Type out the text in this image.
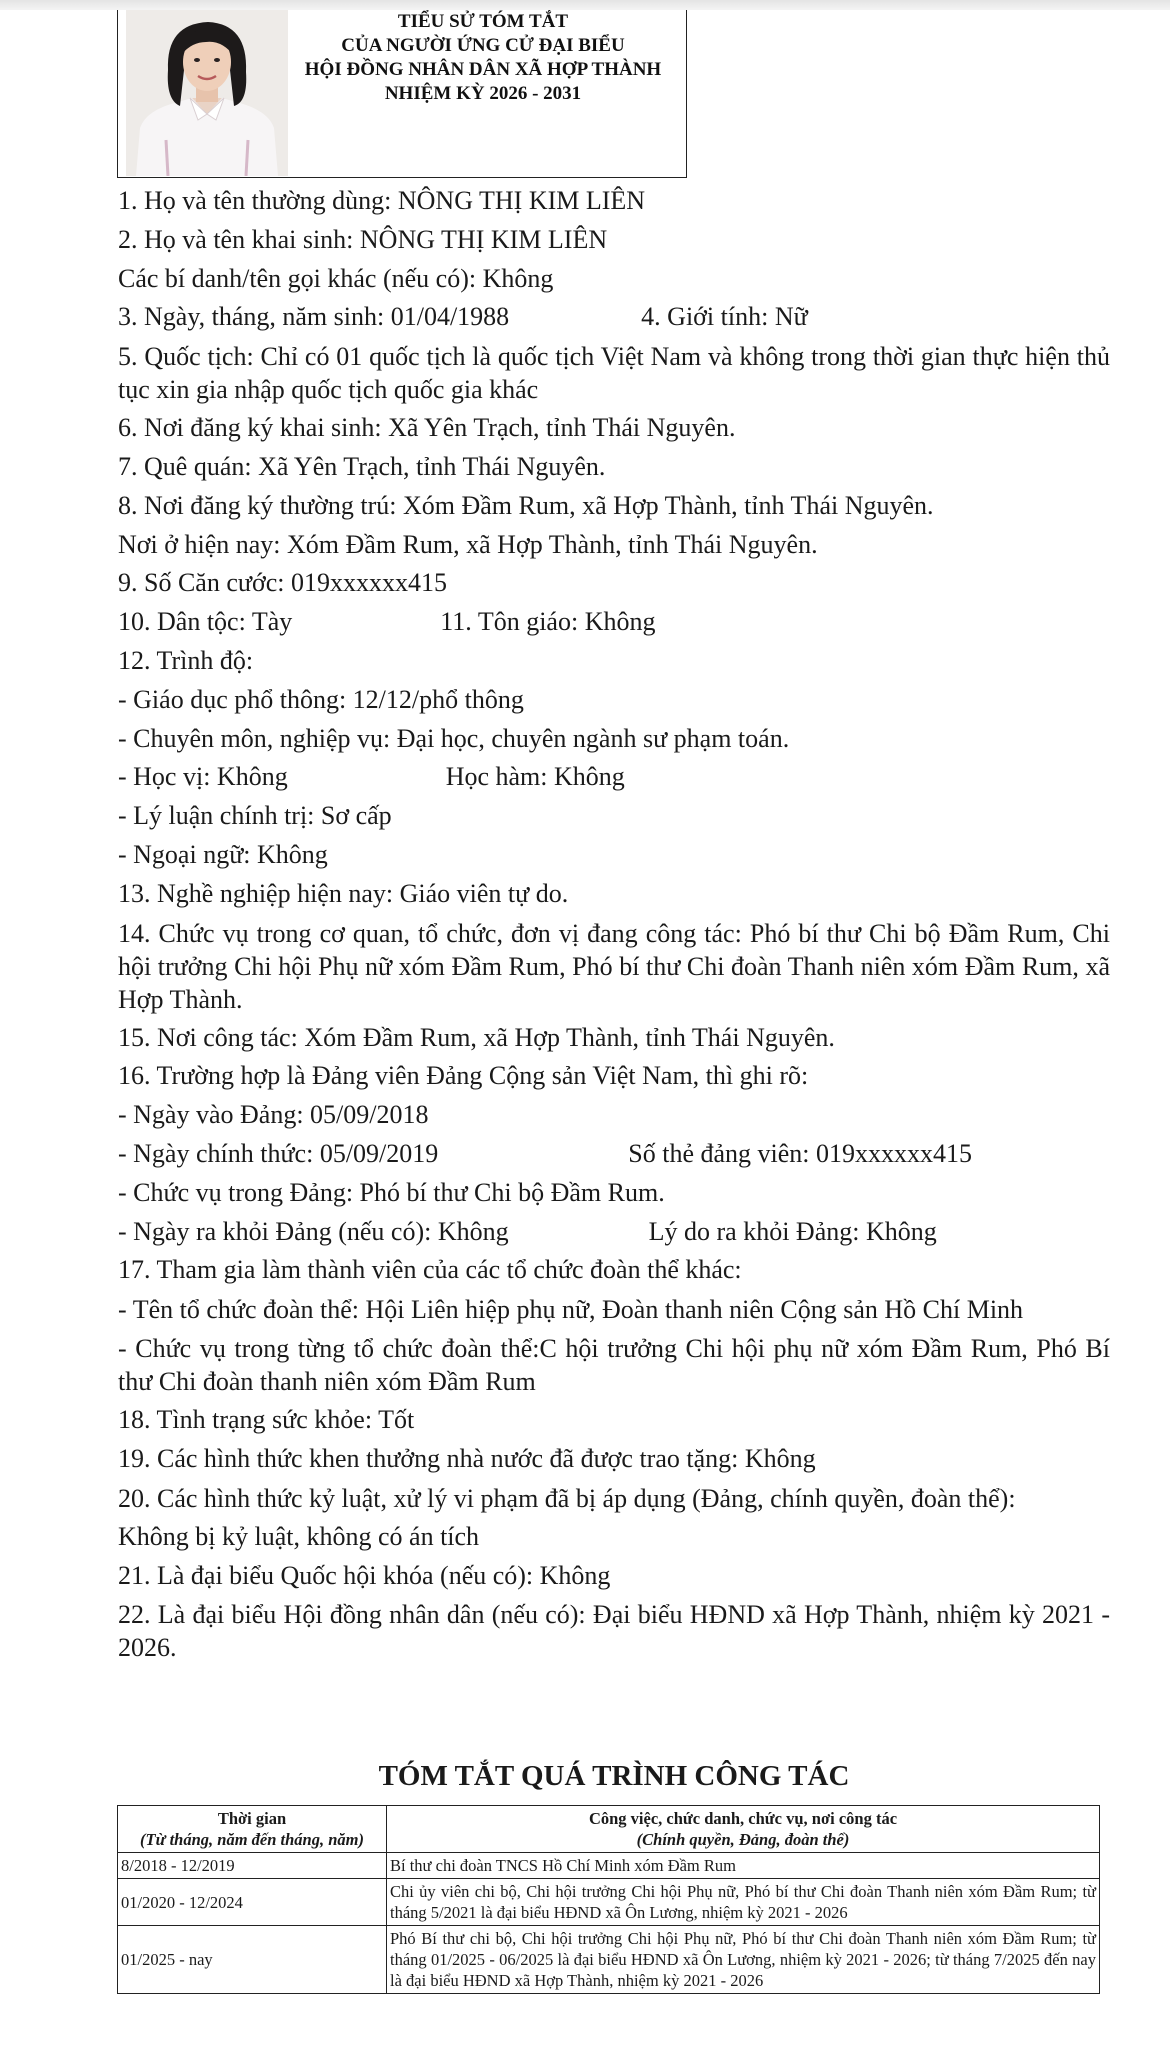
TIỂU SỬ TÓM TẮT
CỦA NGƯỜI ỨNG CỬ ĐẠI BIỂU
HỘI ĐỒNG NHÂN DÂN XÃ HỢP THÀNH
NHIỆM KỲ 2026 - 2031

1. Họ và tên thường dùng: NÔNG THỊ KIM LIÊN

2. Họ và tên khai sinh: NÔNG THỊ KIM LIÊN

Các bí danh/tên gọi khác (nếu có): Không

3. Ngày, tháng, năm sinh: 01/04/1988	4. Giới tính: Nữ

5. Quốc tịch: Chỉ có 01 quốc tịch là quốc tịch Việt Nam và không trong thời gian thực hiện thủ tục xin gia nhập quốc tịch quốc gia khác

6. Nơi đăng ký khai sinh: Xã Yên Trạch, tỉnh Thái Nguyên.

7. Quê quán: Xã Yên Trạch, tỉnh Thái Nguyên.

8. Nơi đăng ký thường trú: Xóm Đầm Rum, xã Hợp Thành, tỉnh Thái Nguyên.

Nơi ở hiện nay: Xóm Đầm Rum, xã Hợp Thành, tỉnh Thái Nguyên.

9. Số Căn cước: 019xxxxxx415

10. Dân tộc: Tày	11. Tôn giáo: Không

12. Trình độ:

- Giáo dục phổ thông: 12/12/phổ thông

- Chuyên môn, nghiệp vụ: Đại học, chuyên ngành sư phạm toán.

- Học vị: Không	Học hàm: Không

- Lý luận chính trị: Sơ cấp

- Ngoại ngữ: Không

13. Nghề nghiệp hiện nay: Giáo viên tự do.

14. Chức vụ trong cơ quan, tổ chức, đơn vị đang công tác: Phó bí thư Chi bộ Đầm Rum, Chi hội trưởng Chi hội Phụ nữ xóm Đầm Rum, Phó bí thư Chi đoàn Thanh niên xóm Đầm Rum, xã Hợp Thành.

15. Nơi công tác: Xóm Đầm Rum, xã Hợp Thành, tỉnh Thái Nguyên.

16. Trường hợp là Đảng viên Đảng Cộng sản Việt Nam, thì ghi rõ:

- Ngày vào Đảng: 05/09/2018

- Ngày chính thức: 05/09/2019	Số thẻ đảng viên: 019xxxxxx415

- Chức vụ trong Đảng: Phó bí thư Chi bộ Đầm Rum.

- Ngày ra khỏi Đảng (nếu có): Không	Lý do ra khỏi Đảng: Không

17. Tham gia làm thành viên của các tổ chức đoàn thể khác:

- Tên tổ chức đoàn thể: Hội Liên hiệp phụ nữ, Đoàn thanh niên Cộng sản Hồ Chí Minh

- Chức vụ trong từng tổ chức đoàn thể:C hội trưởng Chi hội phụ nữ xóm Đầm Rum, Phó Bí thư Chi đoàn thanh niên xóm Đầm Rum

18. Tình trạng sức khỏe: Tốt

19. Các hình thức khen thưởng nhà nước đã được trao tặng: Không

20. Các hình thức kỷ luật, xử lý vi phạm đã bị áp dụng (Đảng, chính quyền, đoàn thể):

Không bị kỷ luật, không có án tích

21. Là đại biểu Quốc hội khóa (nếu có): Không

22. Là đại biểu Hội đồng nhân dân (nếu có): Đại biểu HĐND xã Hợp Thành, nhiệm kỳ 2021 - 2026.

TÓM TẮT QUÁ TRÌNH CÔNG TÁC
Thời gian
(Từ tháng, năm đến tháng, năm)	Công việc, chức danh, chức vụ, nơi công tác
(Chính quyền, Đảng, đoàn thể)

8/2018 - 12/2019	Bí thư chi đoàn TNCS Hồ Chí Minh xóm Đầm Rum
01/2020 - 12/2024	Chi ủy viên chi bộ, Chi hội trưởng Chi hội Phụ nữ, Phó bí thư Chi đoàn Thanh niên xóm Đầm Rum; từ tháng 5/2021 là đại biểu HĐND xã Ôn Lương, nhiệm kỳ 2021 - 2026
01/2025 - nay	Phó Bí thư chi bộ, Chi hội trưởng Chi hội Phụ nữ, Phó bí thư Chi đoàn Thanh niên xóm Đầm Rum; từ tháng 01/2025 - 06/2025 là đại biểu HĐND xã Ôn Lương, nhiệm kỳ 2021 - 2026; từ tháng 7/2025 đến nay là đại biểu HĐND xã Hợp Thành, nhiệm kỳ 2021 - 2026
